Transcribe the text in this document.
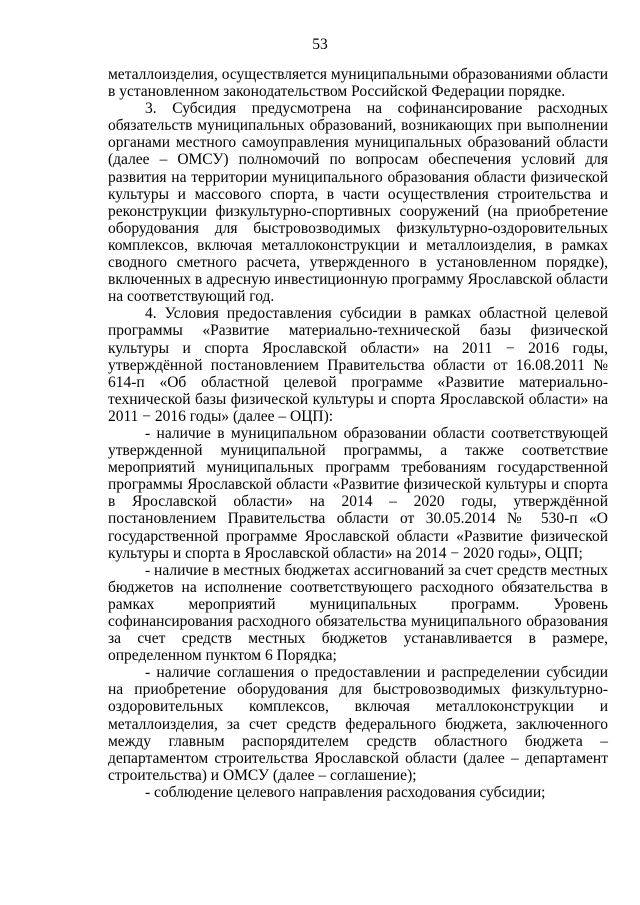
53

металлоизделия, осуществляется муниципальными образованиями области в установленном законодательством Российской Федерации порядке.

3. Субсидия предусмотрена на софинансирование расходных обязательств муниципальных образований, возникающих при выполнении органами местного самоуправления муниципальных образований области (далее – ОМСУ) полномочий по вопросам обеспечения условий для развития на территории муниципального образования области физической культуры и массового спорта, в части осуществления строительства и реконструкции физкультурно-спортивных сооружений (на приобретение оборудования для быстровозводимых физкультурно-оздоровительных комплексов, включая металлоконструкции и металлоизделия, в рамках сводного сметного расчета, утвержденного в установленном порядке), включенных в адресную инвестиционную программу Ярославской области на соответствующий год.

4. Условия предоставления субсидии в рамках областной целевой программы «Развитие материально-технической базы физической культуры и спорта Ярославской области» на 2011 − 2016 годы, утверждённой постановлением Правительства области от 16.08.2011 № 614-п «Об областной целевой программе «Развитие материально-технической базы физической культуры и спорта Ярославской области» на 2011 − 2016 годы» (далее – ОЦП):

- наличие в муниципальном образовании области соответствующей утвержденной муниципальной программы, а также соответствие мероприятий муниципальных программ требованиям государственной программы Ярославской области «Развитие физической культуры и спорта в Ярославской области» на 2014 – 2020 годы, утверждённой постановлением Правительства области от 30.05.2014 № 530-п «О государственной программе Ярославской области «Развитие физической культуры и спорта в Ярославской области» на 2014 − 2020 годы», ОЦП;

- наличие в местных бюджетах ассигнований за счет средств местных бюджетов на исполнение соответствующего расходного обязательства в рамках мероприятий муниципальных программ. Уровень софинансирования расходного обязательства муниципального образования за счет средств местных бюджетов устанавливается в размере, определенном пунктом 6 Порядка;

- наличие соглашения о предоставлении и распределении субсидии на приобретение оборудования для быстровозводимых физкультурно-оздоровительных комплексов, включая металлоконструкции и металлоизделия, за счет средств федерального бюджета, заключенного между главным распорядителем средств областного бюджета – департаментом строительства Ярославской области (далее – департамент строительства) и ОМСУ (далее – соглашение);

- соблюдение целевого направления расходования субсидии;
